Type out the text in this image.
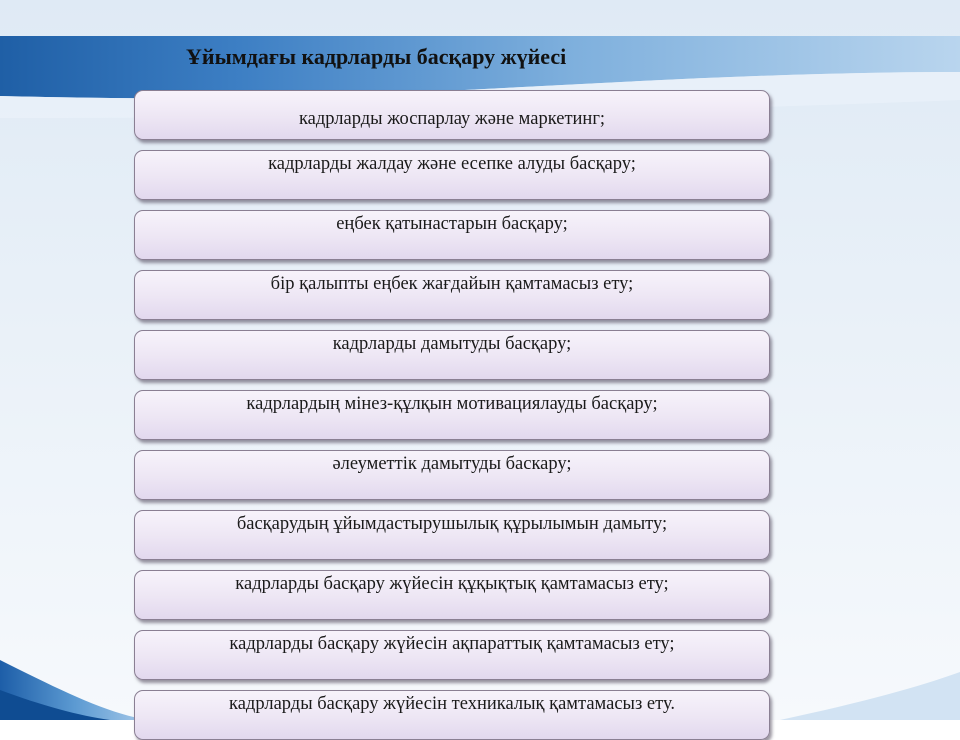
Ұйымдағы кадрларды басқару жүйесі
кадрларды жоспарлау және маркетинг;
кадрларды жалдау және есепке алуды басқару;
еңбек қатынастарын басқару;
бір қалыпты еңбек жағдайын қамтамасыз ету;
кадрларды дамытуды басқару;
кадрлардың мінез-құлқын мотивациялауды басқару;
әлеуметтік дамытуды баскару;
басқарудың ұйымдастырушылық құрылымын дамыту;
кадрларды басқару жүйесін құқықтық қамтамасыз ету;
кадрларды басқару жүйесін ақпараттық қамтамасыз ету;
кадрларды басқару жүйесін техникалық қамтамасыз ету.
